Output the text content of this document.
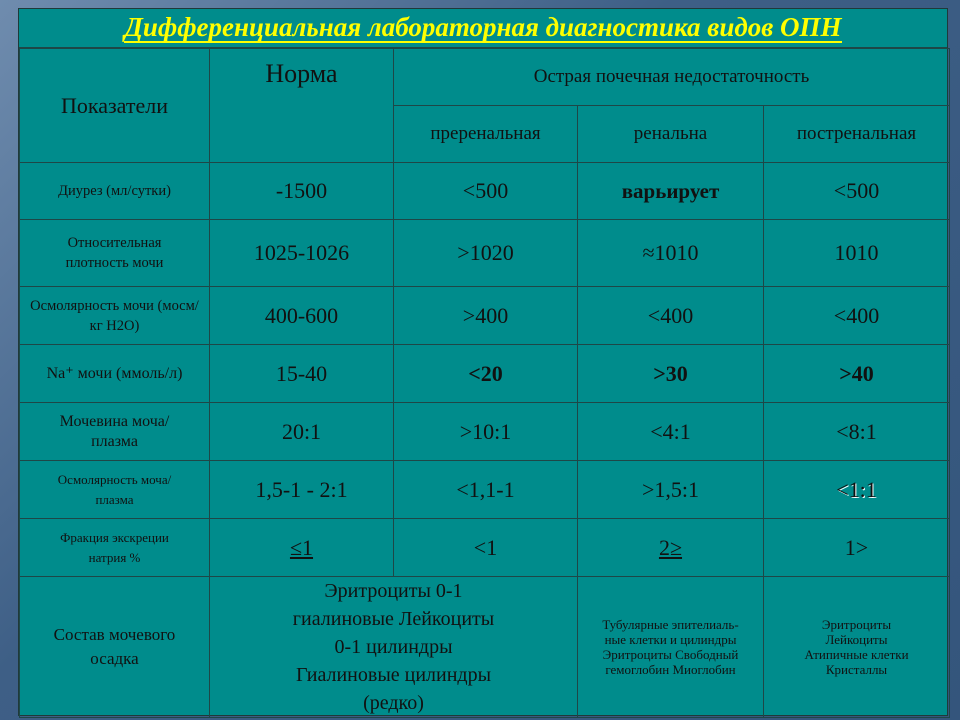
Дифференциальная лабораторная диагностика видов ОПН
Показатели	Норма	Острая почечная недостаточность		
		преренальная	ренальна	постренальная
Диурез (мл/сутки)	-1500	<500	варьирует	<500
Относительная плотность мочи	1025-1026	>1020	≈1010	1010
Осмолярность мочи (мосм/кг Н2О)	400-600	>400	<400	<400
Na⁺ мочи (ммоль/л)	15-40	<20	>30	>40
Мочевина моча/плазма	20:1	>10:1	<4:1	<8:1
Осмолярность моча/плазма	1,5-1 - 2:1	<1,1-1	>1,5:1	<1:1
Фракция экскреции натрия %	≤1	<1	2≥	1>
Состав мочевого осадка	Эритроциты 0-1 гиалиновые Лейкоциты 0-1 цилиндры Гиалиновые цилиндры (редко)		Тубулярные эпителиаль-ные клетки и цилиндры Эритроциты Свободный гемоглобин Миоглобин	Эритроциты Лейкоциты Атипичные клетки Кристаллы
